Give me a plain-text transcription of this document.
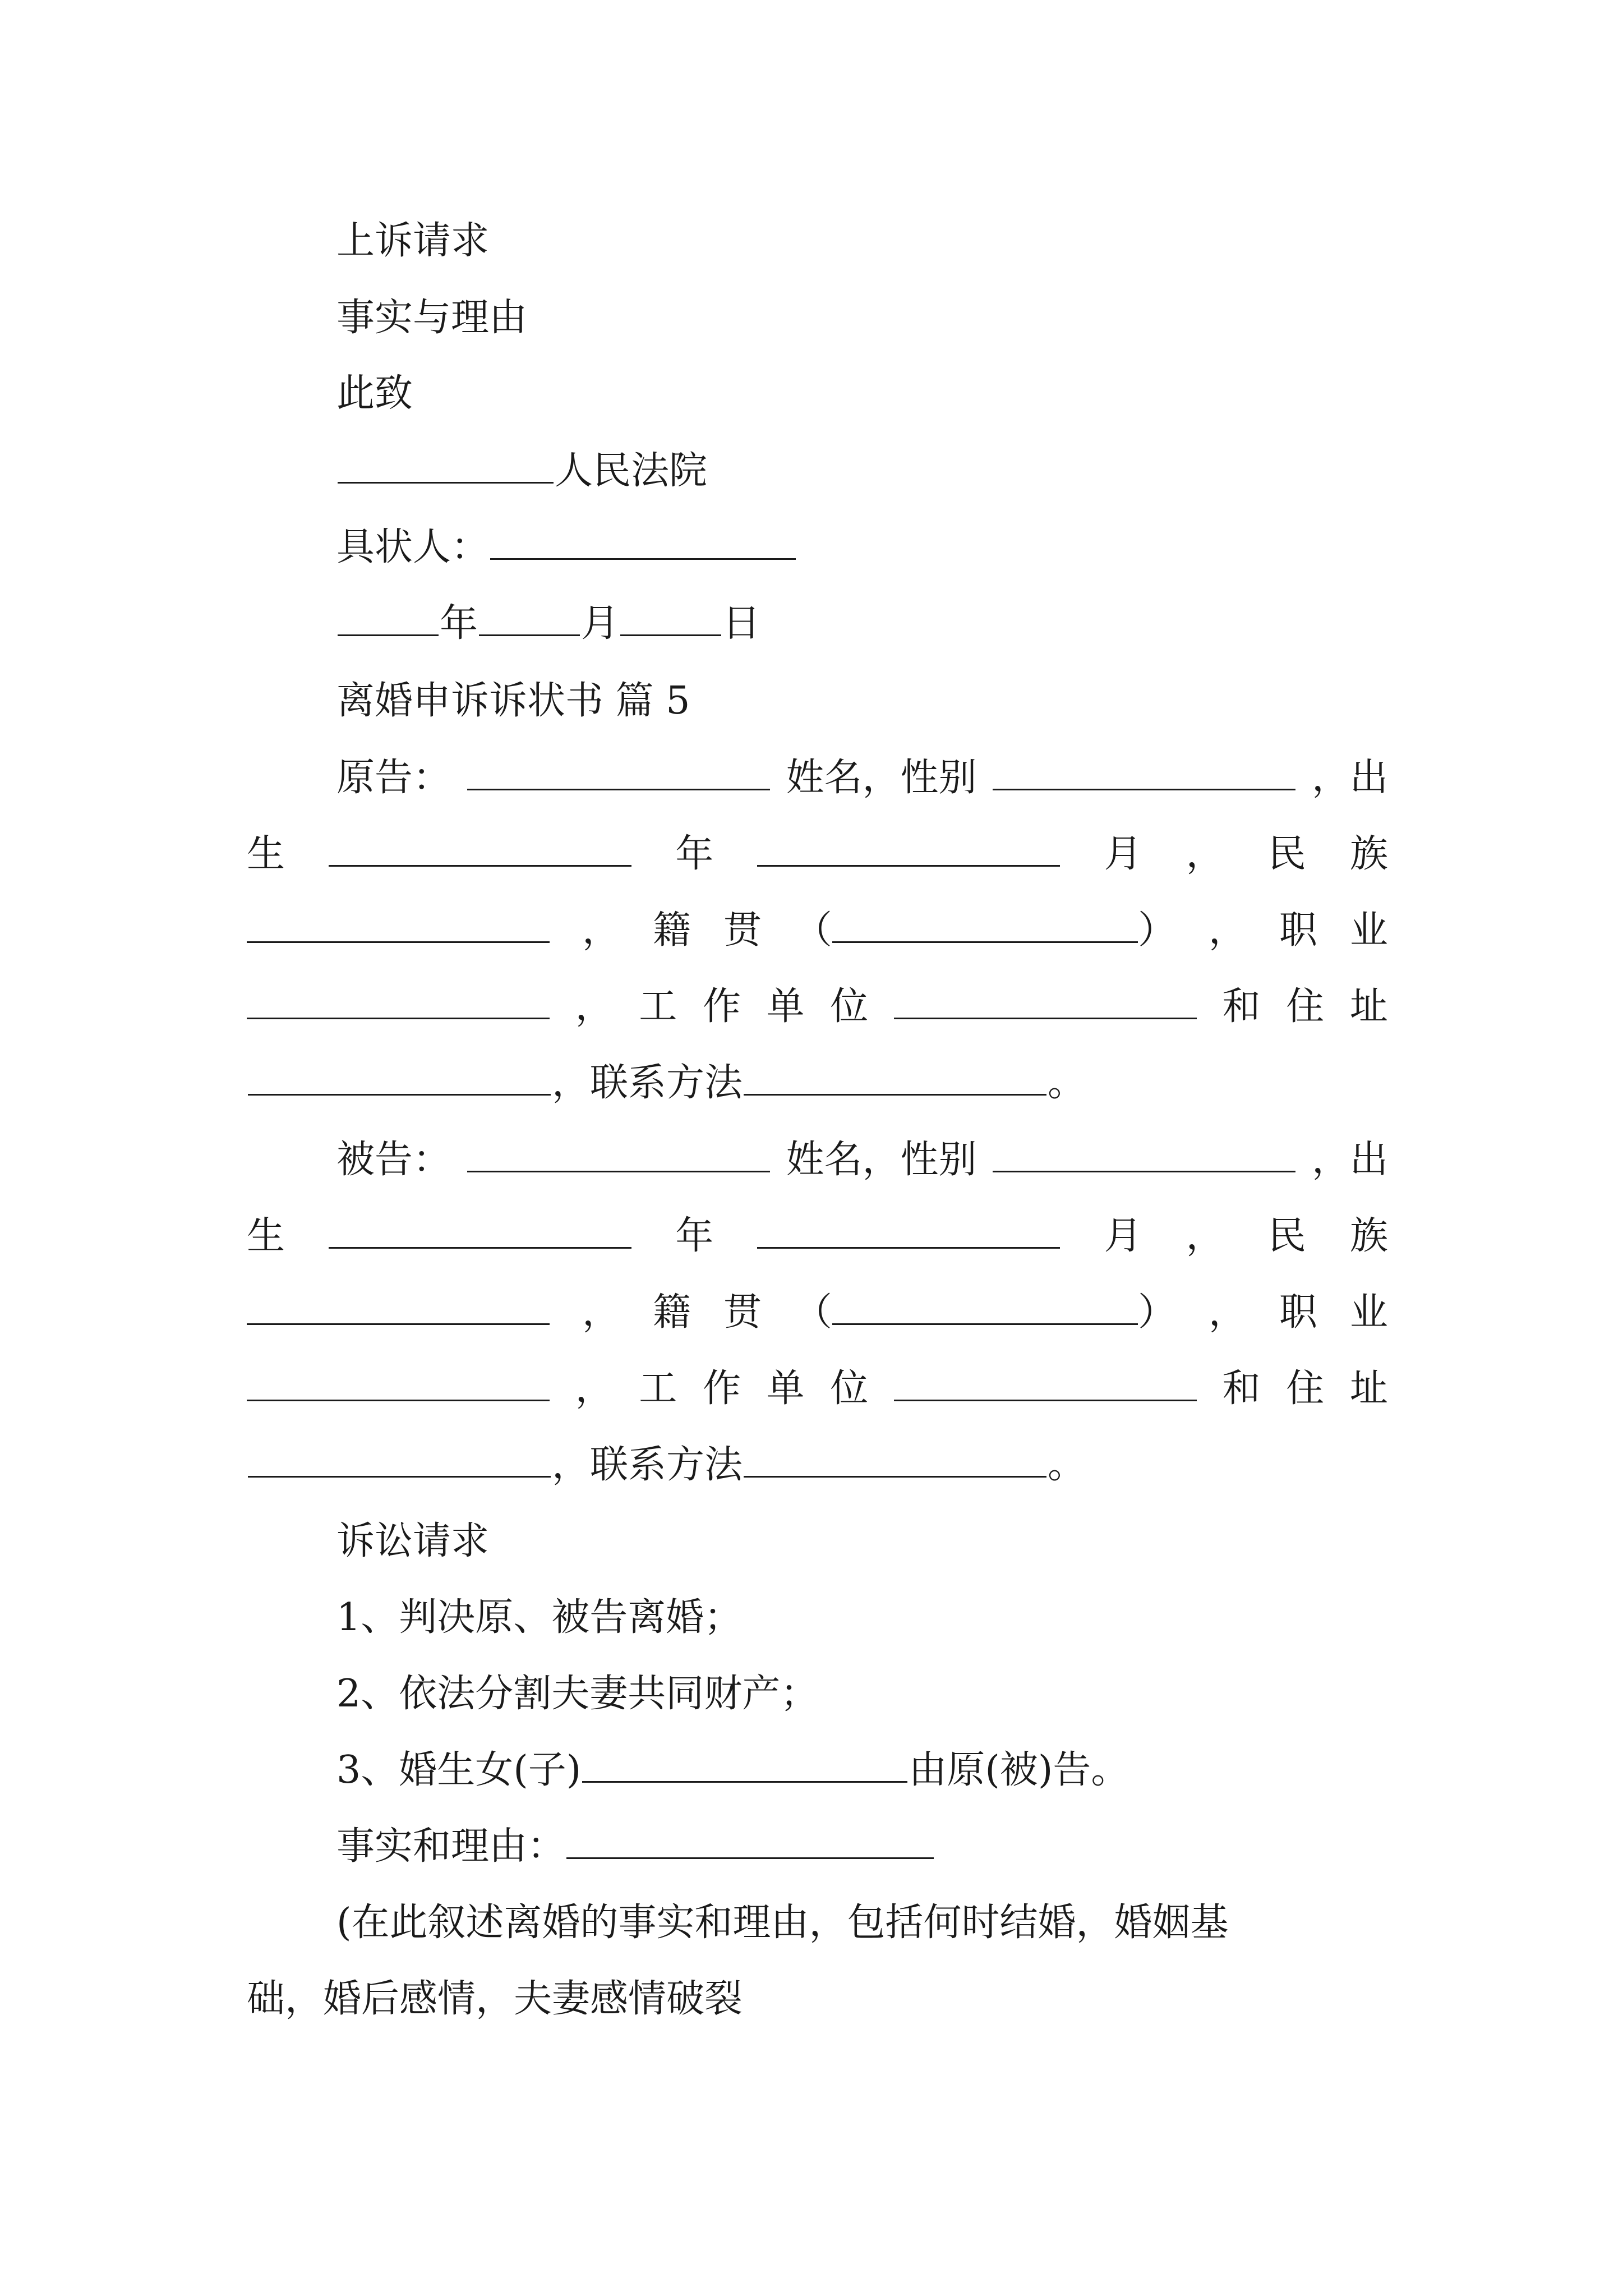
上诉请求
事实与理由
此致
人民法院
具状人：
年	月	日
离婚申诉诉状书 篇 5
原告：	姓名，性别	，出
生	年	月 ， 民 族
， 籍 贯 （	） ， 职 业
， 工 作 单 位	和 住 址
，联系方法	。
被告：	姓名，性别	，出
生	年	月 ， 民 族
， 籍 贯 （	） ， 职 业
， 工 作 单 位	和 住 址
，联系方法	。
诉讼请求
1、判决原、被告离婚；
2、依法分割夫妻共同财产；
3、婚生女(子)	由原(被)告。
事实和理由：
(在此叙述离婚的事实和理由，包括何时结婚，婚姻基
础，婚后感情，夫妻感情破裂
